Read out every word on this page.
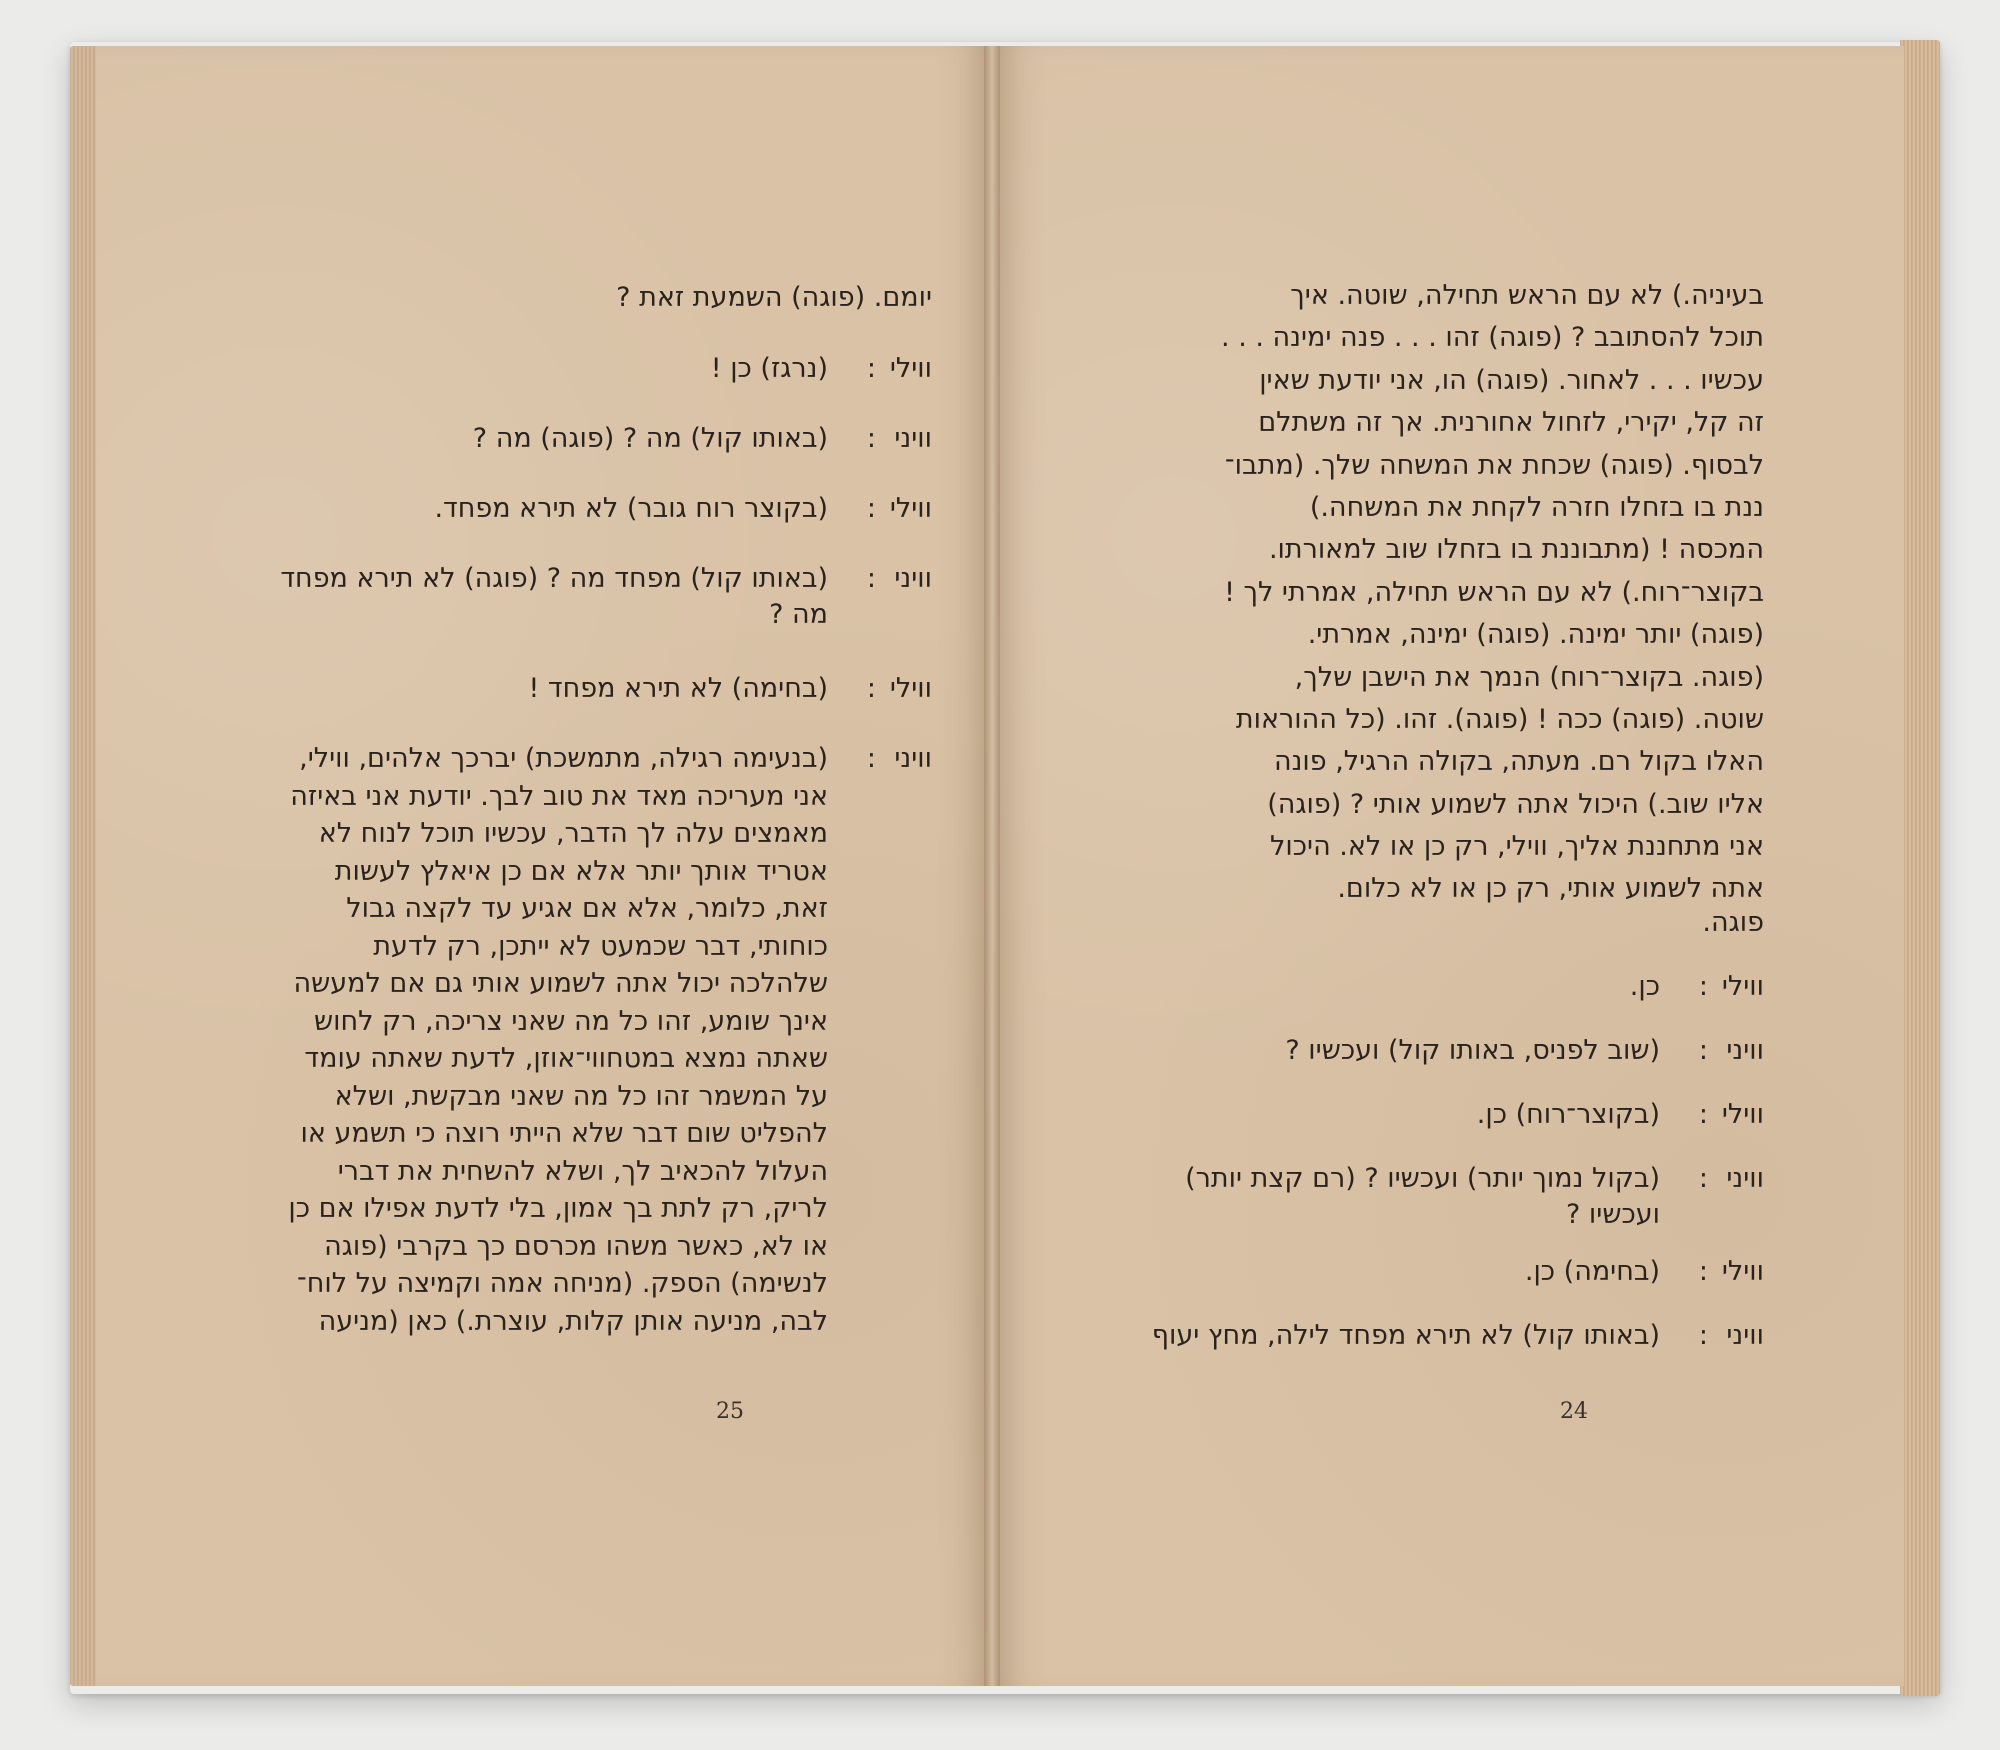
יומם. (פוגה) השמעת זאת ?
ווילי
:
(נרגז) כן !
וויני
:
(באותו קול) מה ? (פוגה) מה ?
ווילי
:
(בקוצר רוח גובר) לא תירא מפחד.
וויני
:
(באותו קול) מפחד מה ? (פוגה) לא תירא מפחד
מה ?
ווילי
:
(בחימה) לא תירא מפחד !
וויני
:
(בנעימה רגילה, מתמשכת) יברכך אלהים, ווילי,
אני מעריכה מאד את טוב לבך. יודעת אני באיזה
מאמצים עלה לך הדבר, עכשיו תוכל לנוח לא
אטריד אותך יותר אלא אם כן איאלץ לעשות
זאת, כלומר, אלא אם אגיע עד לקצה גבול
כוחותי, דבר שכמעט לא ייתכן, רק לדעת
שלהלכה יכול אתה לשמוע אותי גם אם למעשה
אינך שומע, זהו כל מה שאני צריכה, רק לחוש
שאתה נמצא במטחווי־אוזן, לדעת שאתה עומד
על המשמר זהו כל מה שאני מבקשת, ושלא
להפליט שום דבר שלא הייתי רוצה כי תשמע או
העלול להכאיב לך, ושלא להשחית את דברי
לריק, רק לתת בך אמון, בלי לדעת אפילו אם כן
או לא, כאשר משהו מכרסם כך בקרבי (פוגה
לנשימה) הספק. (מניחה אמה וקמיצה על לוח־
לבה, מניעה אותן קלות, עוצרת.) כאן (מניעה
25
בעיניה.) לא עם הראש תחילה, שוטה. איך
תוכל להסתובב ? (פוגה) זהו . . . פנה ימינה . . .
עכשיו . . . לאחור. (פוגה) הו, אני יודעת שאין
זה קל, יקירי, לזחול אחורנית. אך זה משתלם
לבסוף. (פוגה) שכחת את המשחה שלך. (מתבו־
ננת בו בזחלו חזרה לקחת את המשחה.)
המכסה ! (מתבוננת בו בזחלו שוב למאורתו.
בקוצר־רוח.) לא עם הראש תחילה, אמרתי לך !
(פוגה) יותר ימינה. (פוגה) ימינה, אמרתי.
(פוגה. בקוצר־רוח) הנמך את הישבן שלך,
שוטה. (פוגה) ככה ! (פוגה). זהו. (כל ההוראות
האלו בקול רם. מעתה, בקולה הרגיל, פונה
אליו שוב.) היכול אתה לשמוע אותי ? (פוגה)
אני מתחננת אליך, ווילי, רק כן או לא. היכול
אתה לשמוע אותי, רק כן או לא כלום.
פוגה.
ווילי
:
כן.
וויני
:
(שוב לפניס, באותו קול) ועכשיו ?
ווילי
:
(בקוצר־רוח) כן.
וויני
:
(בקול נמוך יותר) ועכשיו ? (רם קצת יותר)
ועכשיו ?
ווילי
:
(בחימה) כן.
וויני
:
(באותו קול) לא תירא מפחד לילה, מחץ יעוף
24
